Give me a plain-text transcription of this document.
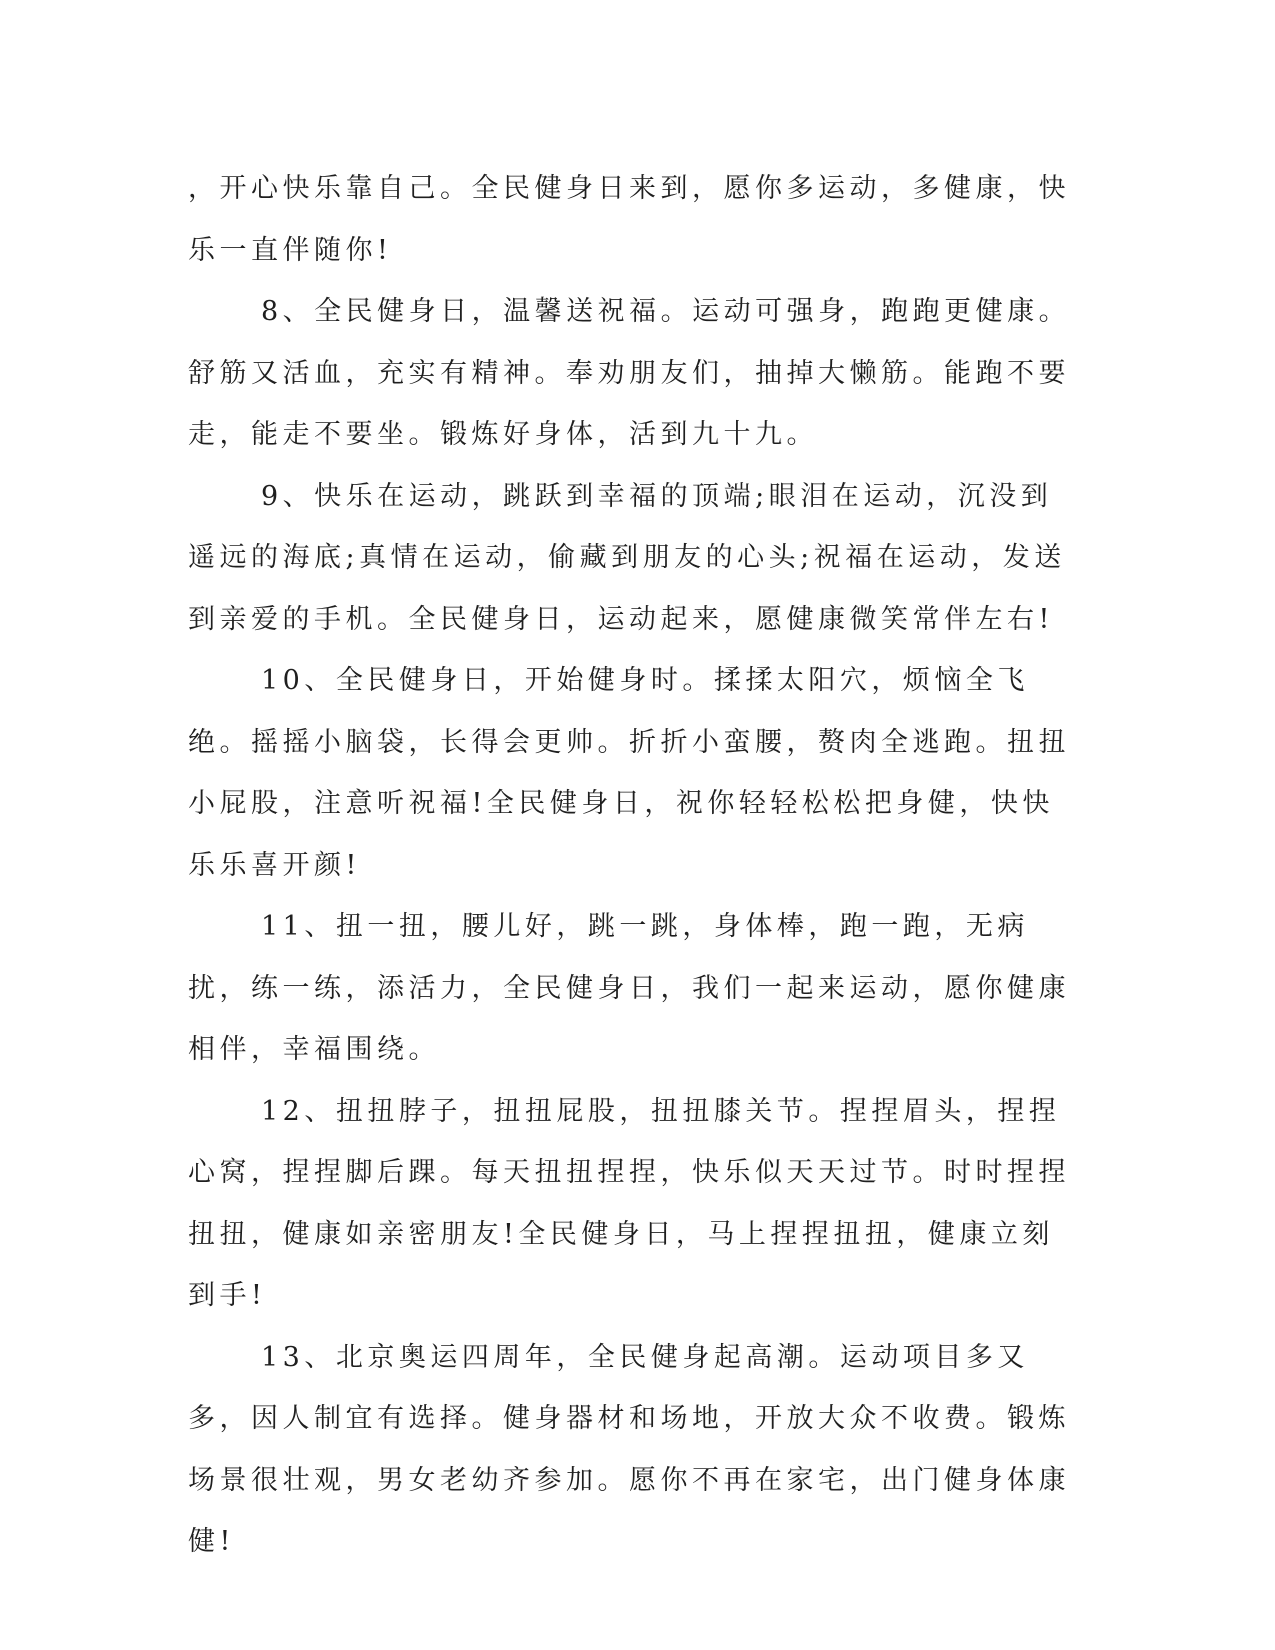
，开心快乐靠自己。全民健身日来到，愿你多运动，多健康，快乐一直伴随你!

8、全民健身日，温馨送祝福。运动可强身，跑跑更健康。舒筋又活血，充实有精神。奉劝朋友们，抽掉大懒筋。能跑不要走，能走不要坐。锻炼好身体，活到九十九。

9、快乐在运动，跳跃到幸福的顶端;眼泪在运动，沉没到遥远的海底;真情在运动，偷藏到朋友的心头;祝福在运动，发送到亲爱的手机。全民健身日，运动起来，愿健康微笑常伴左右!

10、全民健身日，开始健身时。揉揉太阳穴，烦恼全飞绝。摇摇小脑袋，长得会更帅。折折小蛮腰，赘肉全逃跑。扭扭小屁股，注意听祝福!全民健身日，祝你轻轻松松把身健，快快乐乐喜开颜!

11、扭一扭，腰儿好，跳一跳，身体棒，跑一跑，无病扰，练一练，添活力，全民健身日，我们一起来运动，愿你健康相伴，幸福围绕。

12、扭扭脖子，扭扭屁股，扭扭膝关节。捏捏眉头，捏捏心窝，捏捏脚后踝。每天扭扭捏捏，快乐似天天过节。时时捏捏扭扭，健康如亲密朋友!全民健身日，马上捏捏扭扭，健康立刻到手!

13、北京奥运四周年，全民健身起高潮。运动项目多又多，因人制宜有选择。健身器材和场地，开放大众不收费。锻炼场景很壮观，男女老幼齐参加。愿你不再在家宅，出门健身体康健!
